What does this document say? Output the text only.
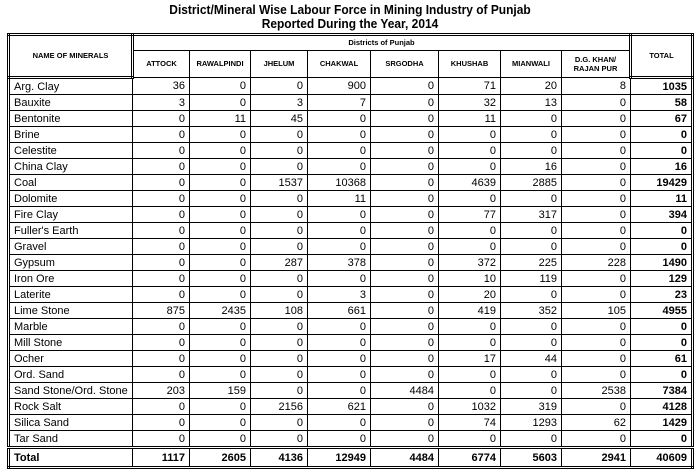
District/Mineral Wise Labour Force in Mining Industry of Punjab
Reported During the Year, 2014
NAME OF MINERALS	Districts of Punjab								TOTAL
	ATTOCK	RAWALPINDI	JHELUM	CHAKWAL	SRGODHA	KHUSHAB	MIANWALI	D.G. KHAN/ RAJAN PUR	
Arg. Clay	36	0	0	900	0	71	20	8	1035
Bauxite	3	0	3	7	0	32	13	0	58
Bentonite	0	11	45	0	0	11	0	0	67
Brine	0	0	0	0	0	0	0	0	0
Celestite	0	0	0	0	0	0	0	0	0
China Clay	0	0	0	0	0	0	16	0	16
Coal	0	0	1537	10368	0	4639	2885	0	19429
Dolomite	0	0	0	11	0	0	0	0	11
Fire Clay	0	0	0	0	0	77	317	0	394
Fuller's Earth	0	0	0	0	0	0	0	0	0
Gravel	0	0	0	0	0	0	0	0	0
Gypsum	0	0	287	378	0	372	225	228	1490
Iron Ore	0	0	0	0	0	10	119	0	129
Laterite	0	0	0	3	0	20	0	0	23
Lime Stone	875	2435	108	661	0	419	352	105	4955
Marble	0	0	0	0	0	0	0	0	0
Mill Stone	0	0	0	0	0	0	0	0	0
Ocher	0	0	0	0	0	17	44	0	61
Ord. Sand	0	0	0	0	0	0	0	0	0
Sand Stone/Ord. Stone	203	159	0	0	4484	0	0	2538	7384
Rock Salt	0	0	2156	621	0	1032	319	0	4128
Silica Sand	0	0	0	0	0	74	1293	62	1429
Tar Sand	0	0	0	0	0	0	0	0	0
Total	1117	2605	4136	12949	4484	6774	5603	2941	40609
